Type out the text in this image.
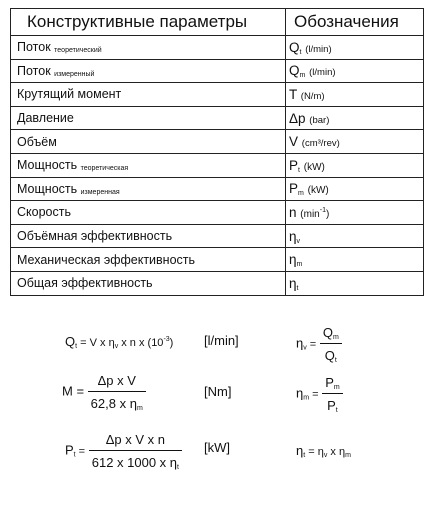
Конструктивные параметры	Обозначения
Поток теоретический	$Q_t$ (l/min)
Поток измеренный	$Q_m$ (l/min)
Крутящий момент	T (N/m)
Давление	Δp (bar)
Объём	V (cm³/rev)
Мощность теоретическая	$P_t$ (kW)
Мощность измеренная	$P_m$ (kW)
Скорость	n $(\min^{-1})$
Объёмная эффективность	$\eta_v$
Механическая эффективность	$\eta_m$
Общая эффективность	$\eta_t$
$Q_t = V$ x $\eta_v$ x n x $(10^{-3})$ [l/min]	$\eta_v = \frac{Q_m}{Q_t}$
$M = \frac{\text{Δp x V}}{62,8 x \eta_m}$	[Nm]	$\eta_m = \frac{P_m}{P_t}$
$P_t = \frac{\text{Δp x V x n}}{612 x 1000 x \eta_t} [kW]$	$\eta_t = \eta_v$ x $\eta_m$
